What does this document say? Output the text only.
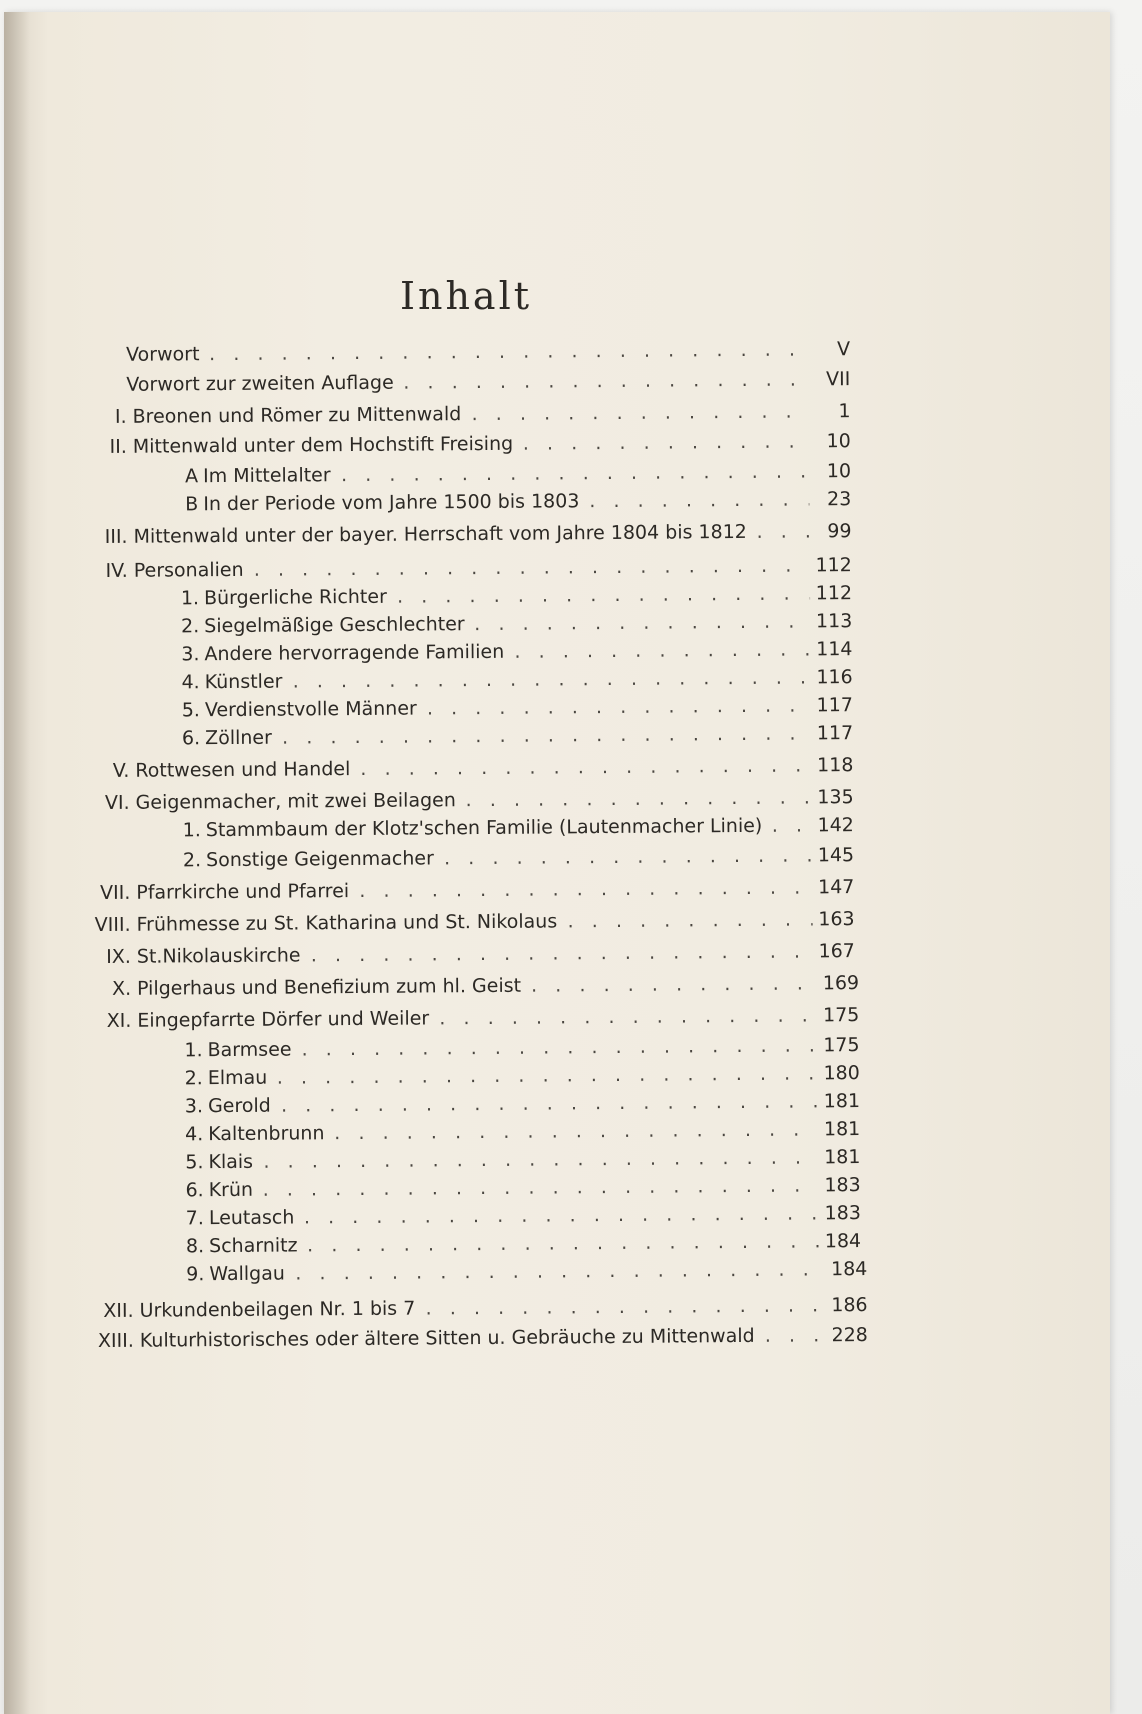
Inhalt
Vorwort	V
. .
Vorwort zur zweiten Auflage	VII
. .
I. Breonen und Römer zu Mittenwald	1
. .
II. Mittenwald unter dem Hochstift Freising	10
. .
A Im Mittelalter	10
. .
B In der Periode vom Jahre 1500 bis 1803	23
. .
III. Mittenwald unter der bayer. Herrschaft vom Jahre 1804 bis 1812	99
. .
IV. Personalien	112
. .
1. Bürgerliche Richter	112
. .
2. Siegelmäßige Geschlechter	113
. .
3. Andere hervorragende Familien	114
. .
4. Künstler	116
. .
5. Verdienstvolle Männer	117
. .
6. Zöllner	117
. .
V. Rottwesen und Handel	118
. .
VI. Geigenmacher, mit zwei Beilagen	135
. .
1. Stammbaum der Klotz'schen Familie (Lautenmacher Linie)	142
. .
2. Sonstige Geigenmacher	145
. .
VII. Pfarrkirche und Pfarrei	147
. .
VIII. Frühmesse zu St. Katharina und St. Nikolaus	163
. .
IX. St.Nikolauskirche	167
. .
X. Pilgerhaus und Benefizium zum hl. Geist	169
. .
XI. Eingepfarrte Dörfer und Weiler	175
. .
1. Barmsee	175
. .
2. Elmau	180
. .
3. Gerold	181
. .
4. Kaltenbrunn	181
. .
5. Klais	181
. .
6. Krün	183
. .
7. Leutasch	183
. .
8. Scharnitz	184
. .
9. Wallgau	184
. .
XII. Urkundenbeilagen Nr. 1 bis 7	186
. .
XIII. Kulturhistorisches oder ältere Sitten u. Gebräuche zu Mittenwald	228
. .
